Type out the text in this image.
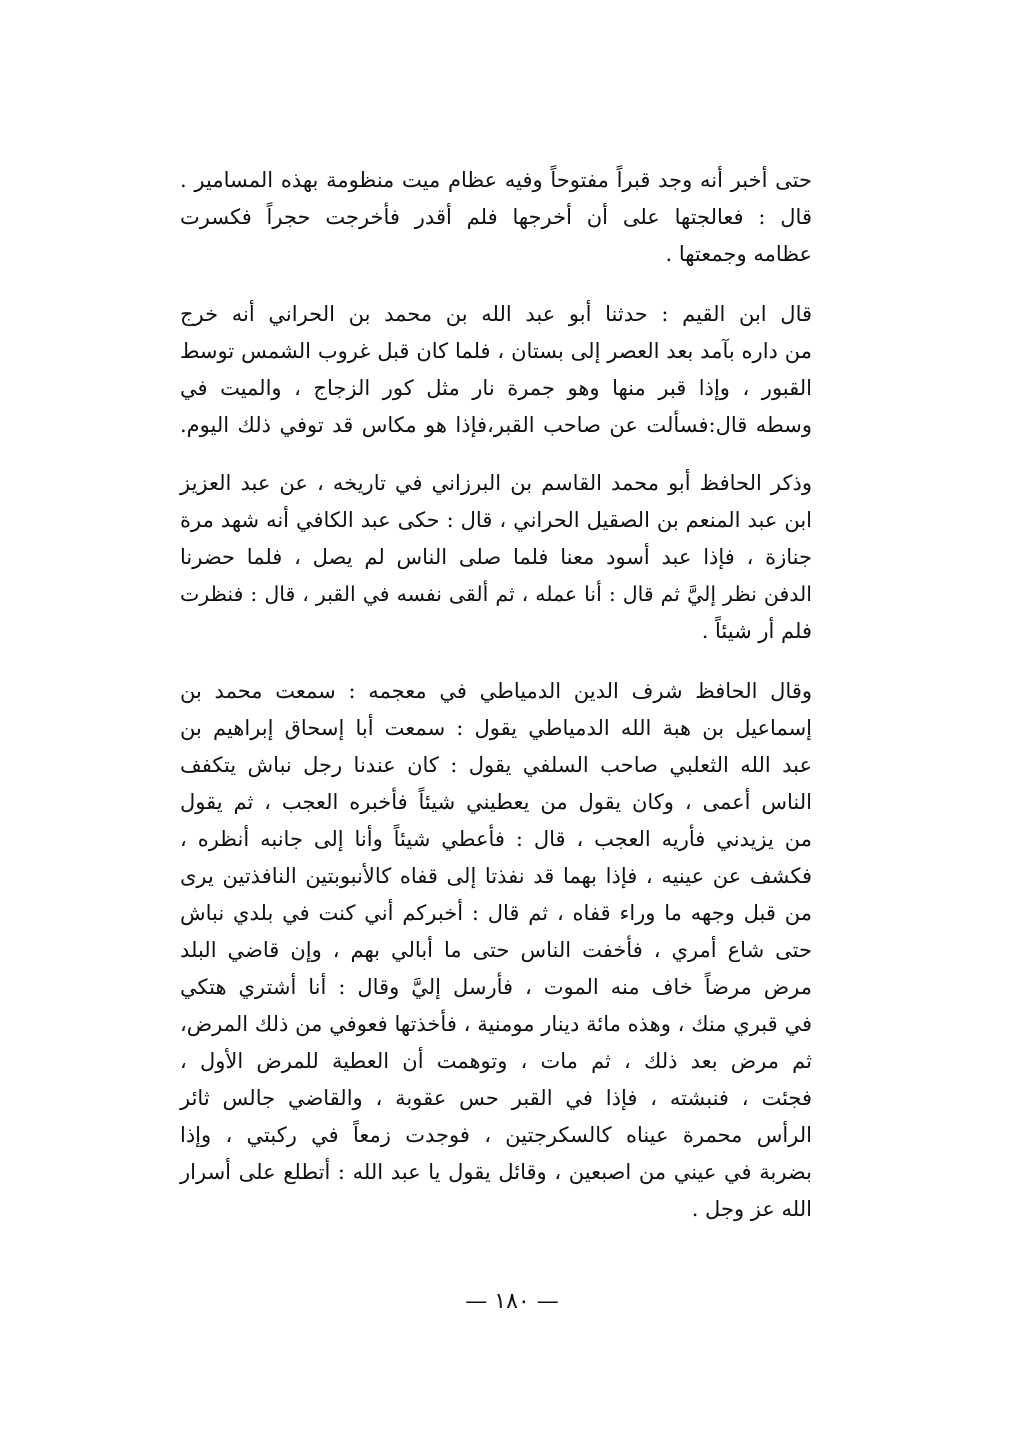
حتى أخبر أنه وجد قبراً مفتوحاً وفيه عظام ميت منظومة بهذه المسامير .
قال : فعالجتها على أن أخرجها فلم أقدر فأخرجت حجراً فكسرت
عظامه وجمعتها .
قال ابن القيم : حدثنا أبو عبد الله بن محمد بن الحراني أنه خرج
من داره بآمد بعد العصر إلى بستان ، فلما كان قبل غروب الشمس توسط
القبور ، وإذا قبر منها وهو جمرة نار مثل كور الزجاج ، والميت في
وسطه قال:فسألت عن صاحب القبر،فإذا هو مكاس قد توفي ذلك اليوم.
وذكر الحافظ أبو محمد القاسم بن البرزاني في تاريخه ، عن عبد العزيز
ابن عبد المنعم بن الصقيل الحراني ، قال : حكى عبد الكافي أنه شهد مرة
جنازة ، فإذا عبد أسود معنا فلما صلى الناس لم يصل ، فلما حضرنا
الدفن نظر إليَّ ثم قال : أنا عمله ، ثم ألقى نفسه في القبر ، قال : فنظرت
فلم أر شيئاً .
وقال الحافظ شرف الدين الدمياطي في معجمه : سمعت محمد بن
إسماعيل بن هبة الله الدمياطي يقول : سمعت أبا إسحاق إبراهيم بن
عبد الله الثعلبي صاحب السلفي يقول : كان عندنا رجل نباش يتكفف
الناس أعمى ، وكان يقول من يعطيني شيئاً فأخبره العجب ، ثم يقول
من يزيدني فأريه العجب ، قال : فأعطي شيئاً وأنا إلى جانبه أنظره ،
فكشف عن عينيه ، فإذا بهما قد نفذتا إلى قفاه كالأنبوبتين النافذتين يرى
من قبل وجهه ما وراء قفاه ، ثم قال : أخبركم أني كنت في بلدي نباش
حتى شاع أمري ، فأخفت الناس حتى ما أبالي بهم ، وإن قاضي البلد
مرض مرضاً خاف منه الموت ، فأرسل إليَّ وقال : أنا أشتري هتكي
في قبري منك ، وهذه مائة دينار مومنية ، فأخذتها فعوفي من ذلك المرض،
ثم مرض بعد ذلك ، ثم مات ، وتوهمت أن العطية للمرض الأول ،
فجئت ، فنبشته ، فإذا في القبر حس عقوبة ، والقاضي جالس ثائر
الرأس محمرة عيناه كالسكرجتين ، فوجدت زمعاً في ركبتي ، وإذا
بضربة في عيني من اصبعين ، وقائل يقول يا عبد الله : أتطلع على أسرار
الله عز وجل .
— ١٨٠ —
